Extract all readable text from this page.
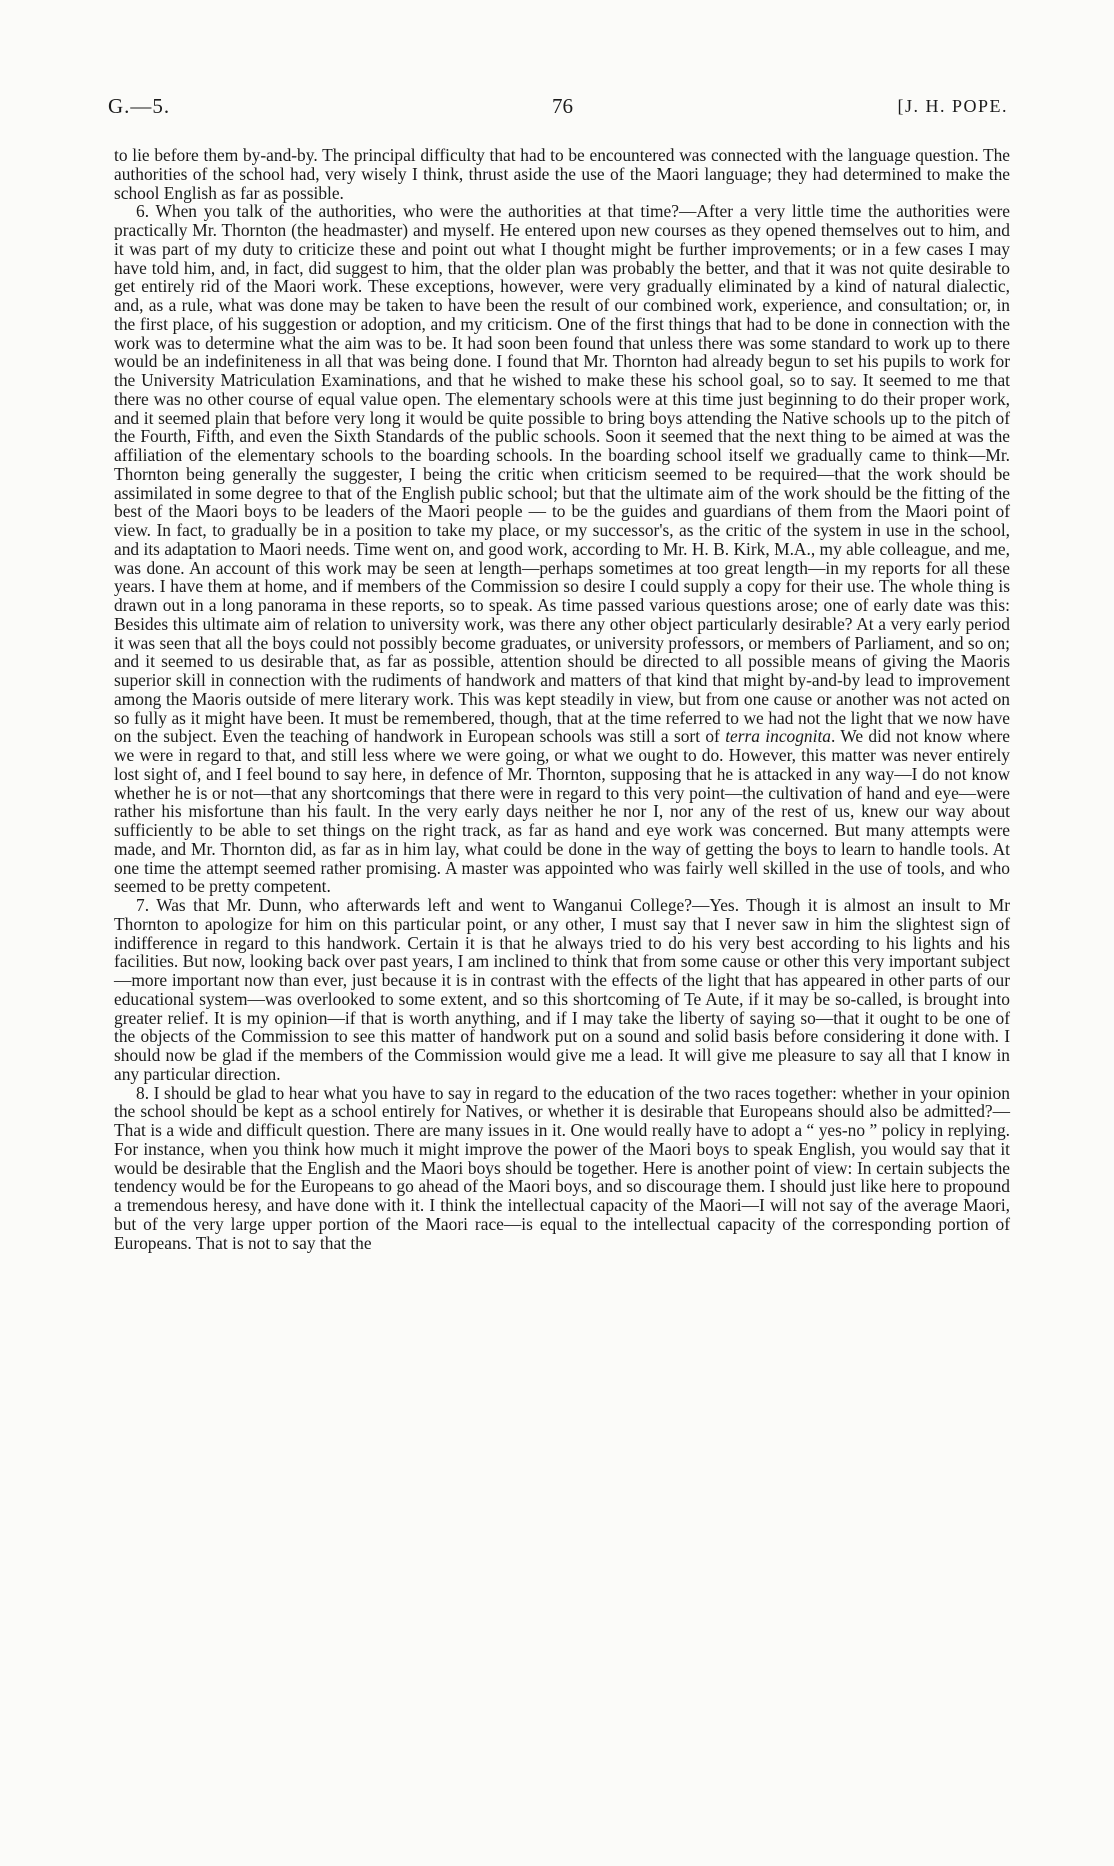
G.—5.	76	[J. H. POPE.

to lie before them by-and-by. The principal difficulty that had to be encountered was connected with the language question. The authorities of the school had, very wisely I think, thrust aside the use of the Maori language; they had determined to make the school English as far as possible.

6. When you talk of the authorities, who were the authorities at that time?—After a very little time the authorities were practically Mr. Thornton (the headmaster) and myself. He entered upon new courses as they opened themselves out to him, and it was part of my duty to criticize these and point out what I thought might be further improvements; or in a few cases I may have told him, and, in fact, did suggest to him, that the older plan was probably the better, and that it was not quite desirable to get entirely rid of the Maori work. These exceptions, however, were very gradually eliminated by a kind of natural dialectic, and, as a rule, what was done may be taken to have been the result of our combined work, experience, and consultation; or, in the first place, of his suggestion or adoption, and my criticism. One of the first things that had to be done in connection with the work was to determine what the aim was to be. It had soon been found that unless there was some standard to work up to there would be an indefiniteness in all that was being done. I found that Mr. Thornton had already begun to set his pupils to work for the University Matriculation Examinations, and that he wished to make these his school goal, so to say. It seemed to me that there was no other course of equal value open. The elementary schools were at this time just beginning to do their proper work, and it seemed plain that before very long it would be quite possible to bring boys attending the Native schools up to the pitch of the Fourth, Fifth, and even the Sixth Standards of the public schools. Soon it seemed that the next thing to be aimed at was the affiliation of the elementary schools to the boarding schools. In the boarding school itself we gradually came to think—Mr. Thornton being generally the suggester, I being the critic when criticism seemed to be required—that the work should be assimilated in some degree to that of the English public school; but that the ultimate aim of the work should be the fitting of the best of the Maori boys to be leaders of the Maori people — to be the guides and guardians of them from the Maori point of view. In fact, to gradually be in a position to take my place, or my successor's, as the critic of the system in use in the school, and its adaptation to Maori needs. Time went on, and good work, according to Mr. H. B. Kirk, M.A., my able colleague, and me, was done. An account of this work may be seen at length—perhaps sometimes at too great length—in my reports for all these years. I have them at home, and if members of the Commission so desire I could supply a copy for their use. The whole thing is drawn out in a long panorama in these reports, so to speak. As time passed various questions arose; one of early date was this: Besides this ultimate aim of relation to university work, was there any other object particularly desirable? At a very early period it was seen that all the boys could not possibly become graduates, or university professors, or members of Parliament, and so on; and it seemed to us desirable that, as far as possible, attention should be directed to all possible means of giving the Maoris superior skill in connection with the rudiments of handwork and matters of that kind that might by-and-by lead to improvement among the Maoris outside of mere literary work. This was kept steadily in view, but from one cause or another was not acted on so fully as it might have been. It must be remembered, though, that at the time referred to we had not the light that we now have on the subject. Even the teaching of handwork in European schools was still a sort of terra incognita. We did not know where we were in regard to that, and still less where we were going, or what we ought to do. However, this matter was never entirely lost sight of, and I feel bound to say here, in defence of Mr. Thornton, supposing that he is attacked in any way—I do not know whether he is or not—that any shortcomings that there were in regard to this very point—the cultivation of hand and eye—were rather his misfortune than his fault. In the very early days neither he nor I, nor any of the rest of us, knew our way about sufficiently to be able to set things on the right track, as far as hand and eye work was concerned. But many attempts were made, and Mr. Thornton did, as far as in him lay, what could be done in the way of getting the boys to learn to handle tools. At one time the attempt seemed rather promising. A master was appointed who was fairly well skilled in the use of tools, and who seemed to be pretty competent.

7. Was that Mr. Dunn, who afterwards left and went to Wanganui College?—Yes. Though it is almost an insult to Mr Thornton to apologize for him on this particular point, or any other, I must say that I never saw in him the slightest sign of indifference in regard to this handwork. Certain it is that he always tried to do his very best according to his lights and his facilities. But now, looking back over past years, I am inclined to think that from some cause or other this very important subject—more important now than ever, just because it is in contrast with the effects of the light that has appeared in other parts of our educational system—was overlooked to some extent, and so this shortcoming of Te Aute, if it may be so-called, is brought into greater relief. It is my opinion—if that is worth anything, and if I may take the liberty of saying so—that it ought to be one of the objects of the Commission to see this matter of handwork put on a sound and solid basis before considering it done with. I should now be glad if the members of the Commission would give me a lead. It will give me pleasure to say all that I know in any particular direction.

8. I should be glad to hear what you have to say in regard to the education of the two races together: whether in your opinion the school should be kept as a school entirely for Natives, or whether it is desirable that Europeans should also be admitted?—That is a wide and difficult question. There are many issues in it. One would really have to adopt a “ yes-no ” policy in replying. For instance, when you think how much it might improve the power of the Maori boys to speak English, you would say that it would be desirable that the English and the Maori boys should be together. Here is another point of view: In certain subjects the tendency would be for the Europeans to go ahead of the Maori boys, and so discourage them. I should just like here to propound a tremendous heresy, and have done with it. I think the intellectual capacity of the Maori—I will not say of the average Maori, but of the very large upper portion of the Maori race—is equal to the intellectual capacity of the corresponding portion of Europeans. That is not to say that the
